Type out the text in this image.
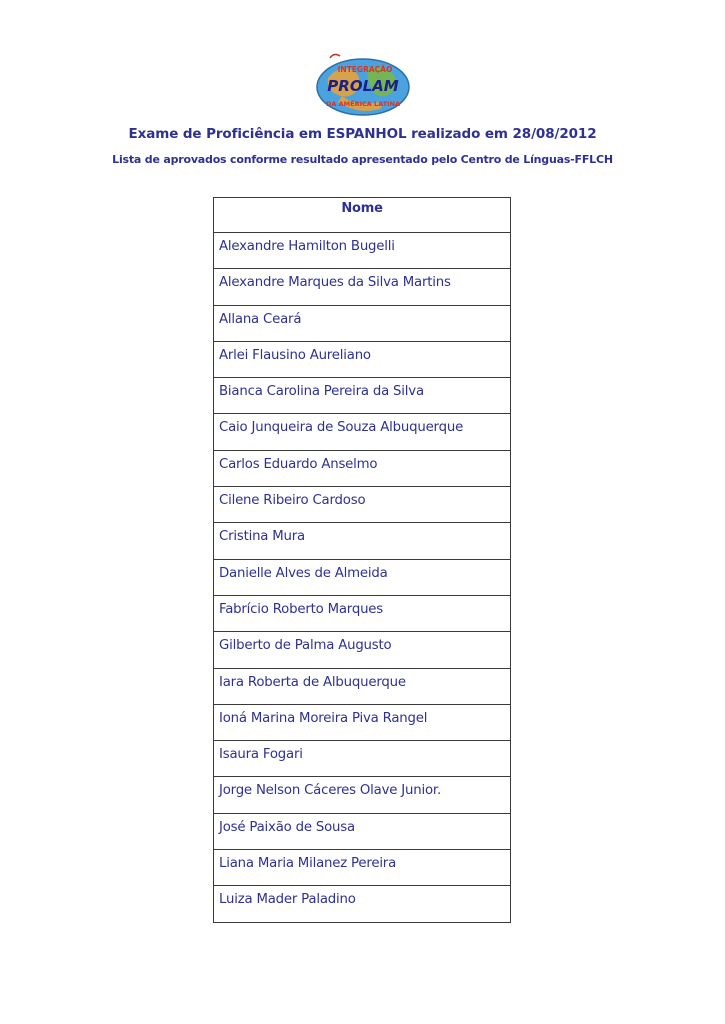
INTEGRAÇÃO
PROLAM
DA AMÉRICA LATINA
Exame de Proficiência em ESPANHOL realizado em 28/08/2012
Lista de aprovados conforme resultado apresentado pelo Centro de Línguas-FFLCH
Nome
Alexandre Hamilton Bugelli
Alexandre Marques da Silva Martins
Allana Ceará
Arlei Flausino Aureliano
Bianca Carolina Pereira da Silva
Caio Junqueira de Souza Albuquerque
Carlos Eduardo Anselmo
Cilene Ribeiro Cardoso
Cristina Mura
Danielle Alves de Almeida
Fabrício Roberto Marques
Gilberto de Palma Augusto
Iara Roberta de Albuquerque
Ioná Marina Moreira Piva Rangel
Isaura Fogari
Jorge Nelson Cáceres Olave Junior.
José Paixão de Sousa
Liana Maria Milanez Pereira
Luiza Mader Paladino
